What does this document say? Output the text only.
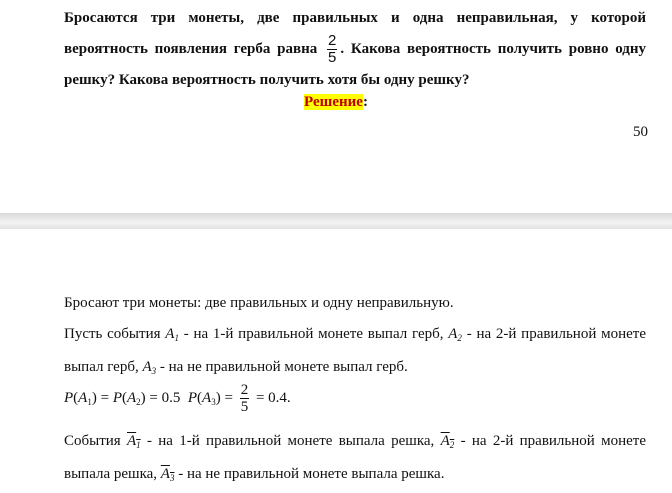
Бросаются три монеты, две правильных и одна неправильная, у которой вероятность появления герба равна $\frac{2}{5}$ . Какова вероятность получить ровно одну решку? Какова вероятность получить хотя бы одну решку?
Решение:
50
Бросают три монеты: две правильных и одну неправильную.
Пусть события $A_1$ - на 1-й правильной монете выпал герб, $A_2$ - на 2-й правильной монете выпал герб, $A_3$ - на не правильной монете выпал герб.
$P(A_1) = P(A_2) = 0.5$ $P(A_3) = \frac{2}{5} = 0.4$.
События $A_1$ - на 1-й правильной монете выпала решка, $A_2$ - на 2-й правильной монете выпала решка, $A_3$ - на не правильной монете выпала решка.
